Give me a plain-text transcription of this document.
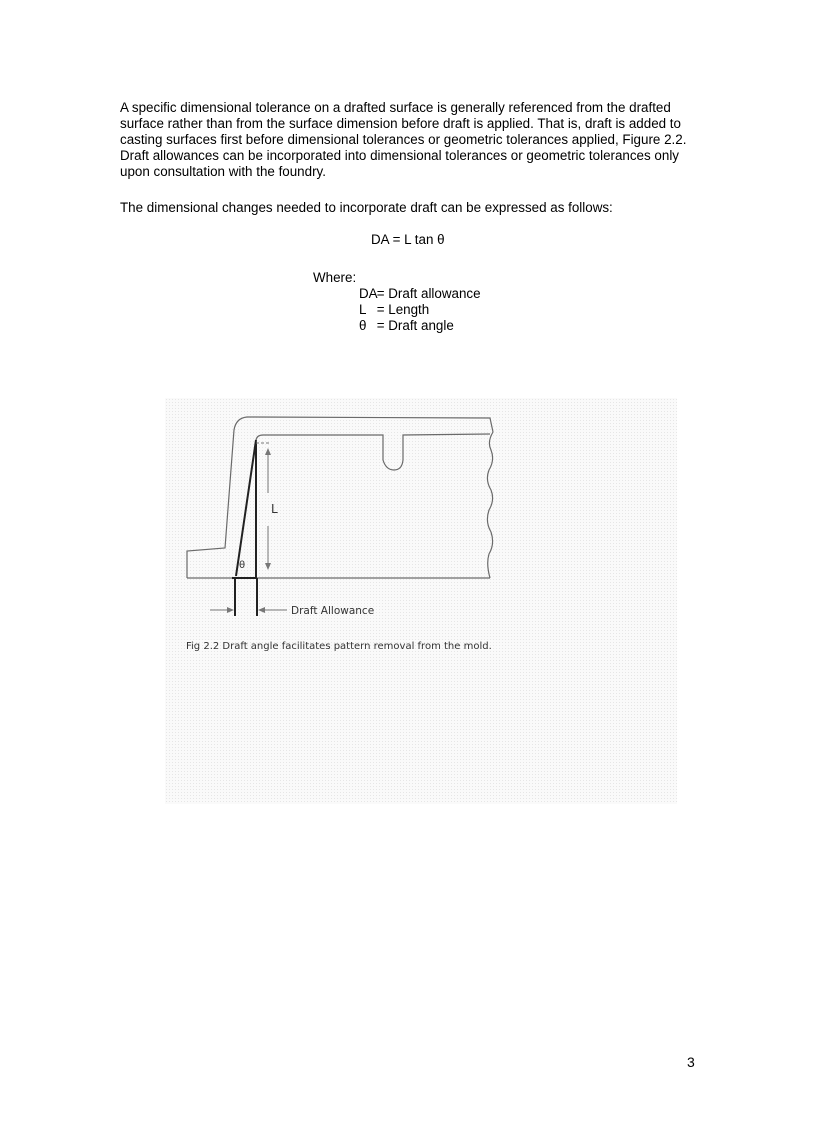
A specific dimensional tolerance on a drafted surface is generally referenced from the drafted surface rather than from the surface dimension before draft is applied. That is, draft is added to casting surfaces first before dimensional tolerances or geometric tolerances applied, Figure 2.2. Draft allowances can be incorporated into dimensional tolerances or geometric tolerances only upon consultation with the foundry.

The dimensional changes needed to incorporate draft can be expressed as follows:

DA = L tan θ
Where:
DA
= Draft allowance
L = Length
θ = Draft angle
L
θ
Draft Allowance
Fig 2.2 Draft angle facilitates pattern removal from the mold.
3
